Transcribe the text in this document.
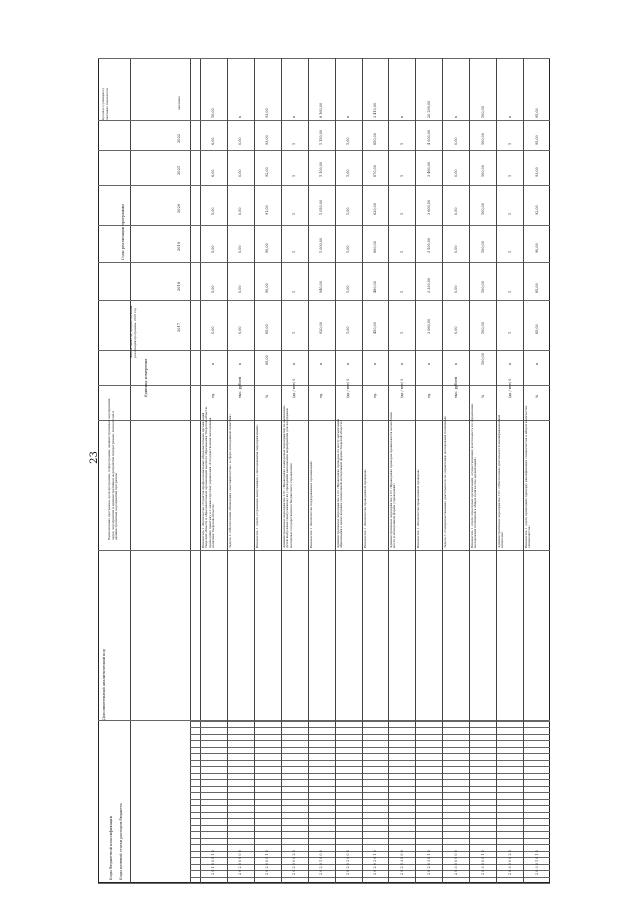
23
Коды бюджетной классификации Коды целевой статьи расходов бюджета
Дополнительный аналитический код
Наименование программы, цели программы, подпрограммы, административных мероприятий, задач, мероприятий и административных мероприятий подпрограммы, показателей и административных мероприятий программы
Единица измерения
Финансовый год, предшествующий реализации программы, 2016 год
Годы реализации программы
Целевое (суммарное) значение показателя	значение
2017
2018
2019
2020
2021
2022
2 0 1 0 0 0 1 0
Показатель 1 «Количество студентов профессиональных образовательных организаций Тверской области и образовательных организаций высшего образования Тверской области, прошедших практику в 2 министерствах управления «Государственная молодежная политика Тверской области»
ед.
х
0,00
5,00
5,00
5,00
6,00
6,00
16,00
2 0 2 0 0 0 0 0
Задача 2 «Обеспечение обновления «наставничества» в сфере молодежной политики»
тыс. рублей
х
0,00
0,00
0,00
0,00
0,00
0,00
х
2 0 2 0 0 0 1 0
Показатель 1 «Доля устроенных выпускников с молодежными мероприятиями»
%
85,00
85,00
90,00
90,00
91,00
92,00
93,00
93,00
2 0 2 0 0 0 2 0
Административное мероприятие 2.01 «Проведение конкурсных мероприятий по выявлению детей выпускных (выпускников) из учреждений выполнения мероприятий для поддержки молодежи государственного бюджетного учреждения»
(да / нет) 0
х
1
1
1
1
1
1
х
2 0 2 0 1 0 0 0
Показатель 1 «Количество поддержанных организаций»
ед.
х
920,00
940,00
1 000,00
1 050,00
1 100,00
1 150,00
6 160,00
2 0 2 0 2 0 0 0
Административное мероприятие 2.02 «Проведение проверок по месту организации образования в целях ведения специальной молодежной формы Тверской области»
(да / нет) 0
х
1,00
1,00
1,00
1,00
1,00
1,00
х
2 0 2 0 2 0 1 0
Показатель 1 «Количество проведенных проверок»
ед.
х
450,00
480,00
600,00
620,00
670,00
650,00
3 410,00
2 0 2 0 3 0 0 0
Административное мероприятие 2.03 «Проведение проверок правильности начисления места и молодежной формы учреждений»
(да / нет) 0
х
1
1
1
1
1
1
х
2 0 2 0 3 0 1 0
Показатель 1 «Количество проведенных проверок»
ед.
х
3 060,00
3 330,00
3 500,00
3 600,00
3 460,00
4 000,00
20 290,00
2 0 3 0 0 0 0 0
Задача 3 «Совершенствование деятельности по управлению молодежной политикой»
тыс. рублей
х
0,00
0,00
0,00
0,00
0,00
0,00
х
2 0 3 0 0 0 1 0
Показатель 1 «Доля отраслевых организаций, осуществляющих деятельность по управлению молодежной политикой в общем количестве организаций»
%
100,00
100,00
100,00
100,00
100,00
100,00
100,00
100,00
2 0 3 0 0 0 2 0
Административное мероприятие 3.01 «Обеспечение деятельности квалификационной комиссии»
(да / нет) 0
х
1
1
1
1
1
1
х
2 0 3 0 1 0 1 0
Показатель 1 «Доля прошедших проверку квалификации специалистов в общем количестве специалистов»
%
х
85,00
85,00
90,00
92,00
93,00
95,00
95,00
